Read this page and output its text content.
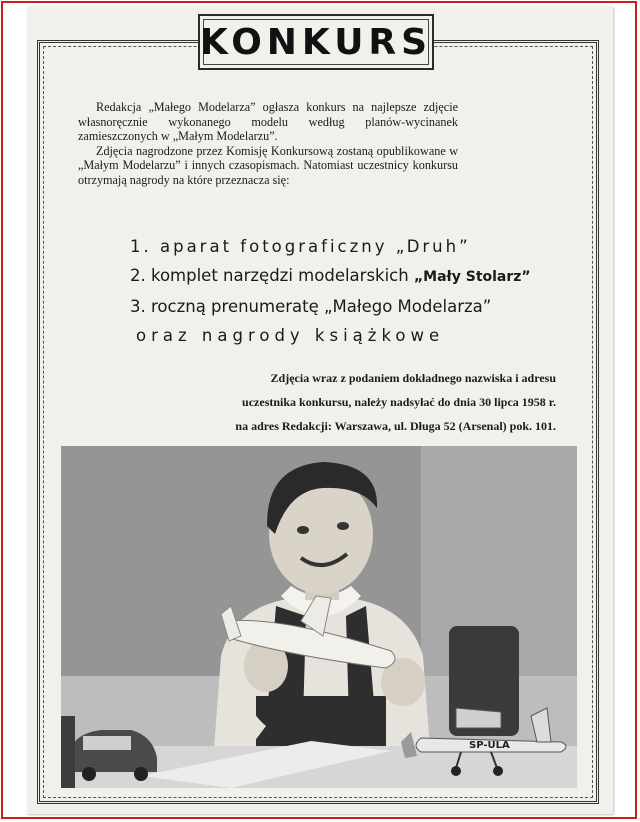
KONKURS

Redakcja „Małego Modelarza” ogłasza konkurs na najlepsze zdjęcie własnoręcznie wykonanego modelu według planów-wycinanek zamieszczonych w „Małym Modelarzu”.

Zdjęcia nagrodzone przez Komisję Konkursową zostaną opublikowane w „Małym Modelarzu” i innych czasopismach. Natomiast uczestnicy konkursu otrzymają nagrody na które przeznacza się:

1. aparat fotograficzny „Druh”
2. komplet narzędzi modelarskich „Mały Stolarz”
3. roczną prenumeratę „Małego Modelarza”
oraz nagrody książkowe
Zdjęcia wraz z podaniem dokładnego nazwiska i adresu
uczestnika konkursu, należy nadsyłać do dnia 30 lipca 1958 r.
na adres Redakcji: Warszawa, ul. Długa 52 (Arsenal) pok. 101.
SP-ULA
